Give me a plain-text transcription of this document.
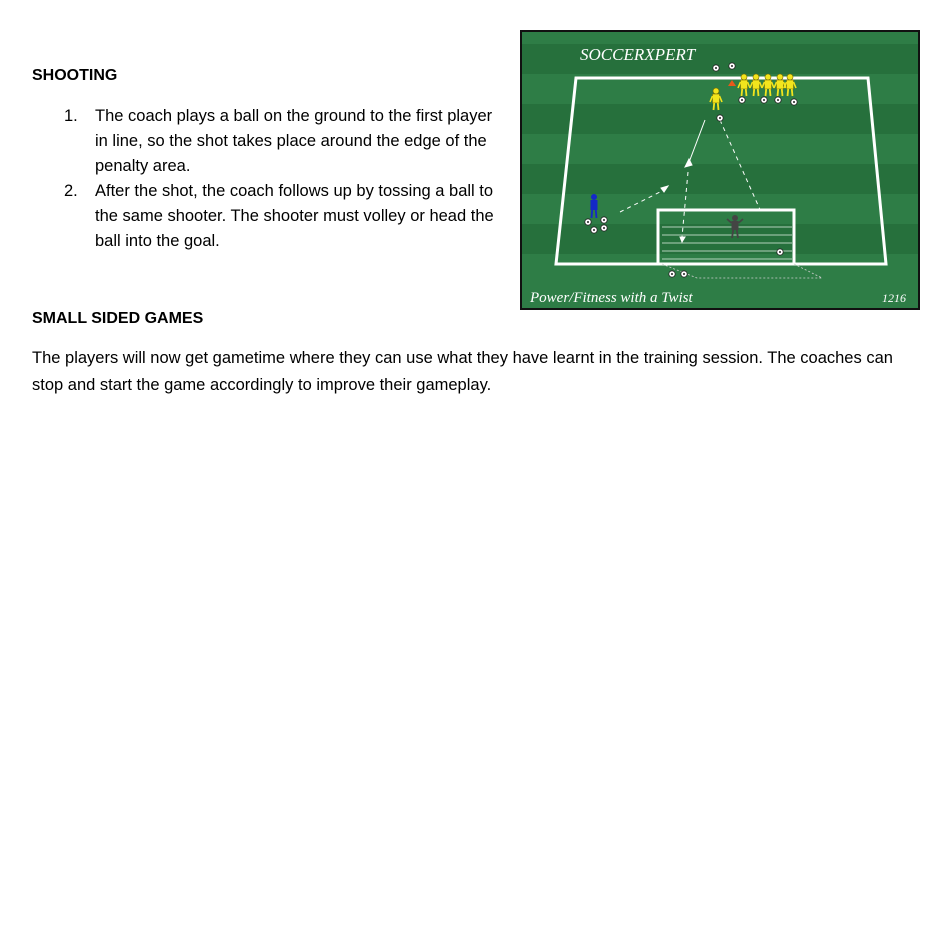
SHOOTING
1. The coach plays a ball on the ground to the first player in line, so the shot takes place around the edge of the penalty area.
2. After the shot, the coach follows up by tossing a ball to the same shooter. The shooter must volley or head the ball into the goal.
SMALL SIDED GAMES

The players will now get gametime where they can use what they have learnt in the training session. The coaches can stop and start the game accordingly to improve their gameplay.

SOCCERXPERT
Power/Fitness with a Twist	1216
